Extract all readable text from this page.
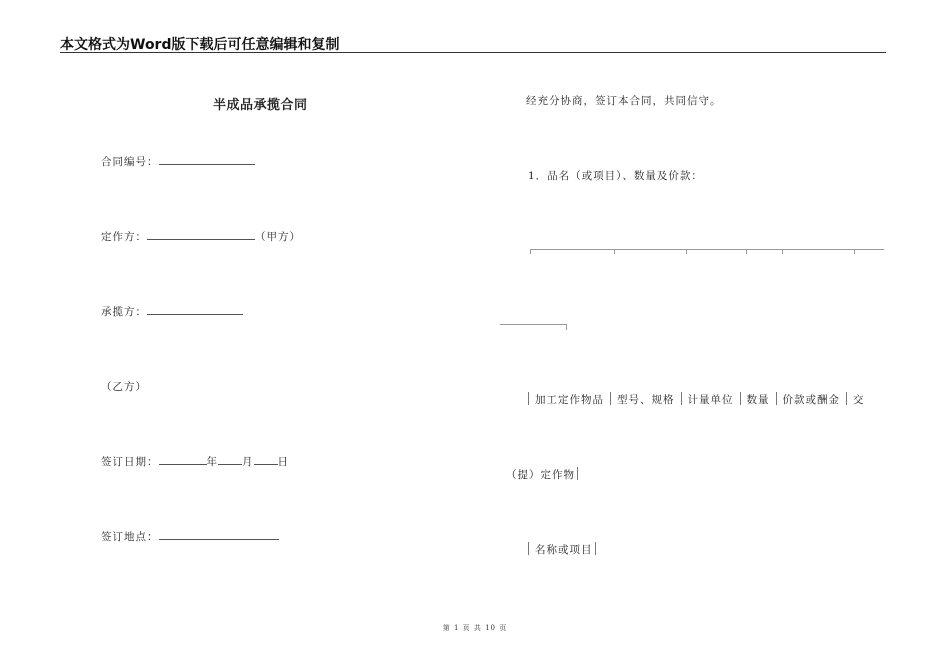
本文格式为Word版下载后可任意编辑和复制
半成品承揽合同
合同编号：
定作方：	（甲方）
承揽方：
（乙方）
签订日期：	年 月 日
签订地点：
经充分协商，签订本合同，共同信守。
1．品名（或项目）、数量及价款：
加工定作物品 型号、规格 计量单位 数量 价款或酬金 交
（提）定作物
名称或项目
第 1 页 共 10 页
